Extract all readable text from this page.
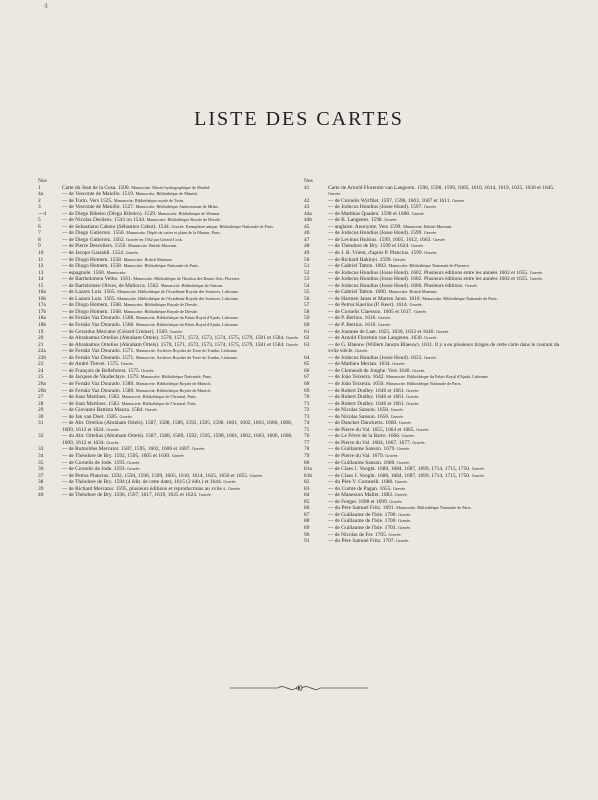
4
LISTE DES CARTES
Nos
1	Carte du Jean de la Cosa. 1500. Manuscrite. Musée hydrographique de Madrid.
4a	— de Vesconte de Maiollo. 1519. Manuscrite. Bibliothèque de Munich.
2	— de Turin. Vers 1525. Manuscrite. Bibliothèque royale de Turin.
3	— de Vesconte de Maiollo. 1527. Manuscrite. Bibliothèque Ambrosienne de Milan.
—4	— de Diego Ribeiro (Diego Ribeiro). 1529. Manuscrite. Bibliothèque de Weimar.
5	— de Nicolas Desliens. 1543 ou 1544. Manuscrite. Bibliothèque Royale de Dresde.
6	— de Sebastiano Caboto (Sébastien Cabot). 1544. Gravée. Exemplaire unique. Bibliothèque Nationale de Paris.
7	— de Diego Gutierrez. 1550. Manuscrite. Dépôt de cartes et plans de la Marine, Paris.
8	— de Diego Gutierrez. 1562. Gravée en 1562 par Gérard Cock.
9	— de Pierre Desceliers. 1550. Manuscrite. British Museum.
10	— de Jacopo Gastaldi. 1554. Gravée.
11	— de Diogo Homem. 1558. Manuscrite. British Museum.
12	— de Diogo Homem. 1558. Manuscrite. Bibliothèque Nationale de Paris.
13	— espagnole. 1560. Manuscrite.
14	— de Bartholomeu Velho. 1561. Manuscrite. Bibliothèque de l'Institut des Beaux-Arts, Florence.
15	— de Bartolomeu Olives, de Mallorca. 1562. Manuscrite. Bibliothèque du Vatican.
16a	— de Lazaro Luis. 1565. Manuscrite. Bibliothèque de l'Académie Royale des Sciences, Lisbonne.
16b	— de Lazaro Luis. 1565. Manuscrite. Bibliothèque de l'Académie Royale des Sciences, Lisbonne.
17a	— de Diogo Homem. 1568. Manuscrite. Bibliothèque Royale de Dresde.
17b	— de Diogo Homem. 1568. Manuscrite. Bibliothèque Royale de Dresde.
18a	— de Fernão Vaz Dourado. 1568. Manuscrite. Bibliothèque du Palais Royal d'Ajuda, Lisbonne.
18b	— de Fernão Vaz Dourado. 1568. Manuscrite. Bibliothèque du Palais Royal d'Ajuda, Lisbonne.
19	— de Gerardus Mercator (Gérard Cremer). 1569. Gravée.
20	— de Abrahamus Ortelius (Abraham Ortels). 1570, 1571, 1572, 1573, 1574, 1575, 1579, 1581 et 1584. Gravée.
21	— de Abrahamus Ortelius (Abraham Ortels). 1570, 1571, 1572, 1573, 1574, 1575, 1579, 1581 et 1584. Gravée.
22a	— de Fernão Vaz Dourado. 1571. Manuscrite. Archives Royales de Torre do Tombo, Lisbonne.
22b	— de Fernão Vaz Dourado. 1571. Manuscrite. Archives Royales de Torre do Tombo, Lisbonne.
23	— de André Thevet. 1575. Gravée.
24	— de François de Belleforest. 1575. Gravée.
25	— de Jacques de Vaudeclaye. 1579. Manuscrite. Bibliothèque Nationale, Paris.
26a	— de Fernão Vaz Dourado. 1580. Manuscrite. Bibliothèque Royale de Munich.
26b	— de Fernão Vaz Dourado. 1580. Manuscrite. Bibliothèque Royale de Munich.
27	— de Joan Martines. 1582. Manuscrite. Bibliothèque de l'Arsenal, Paris.
28	— de Joan Martines. 1582. Manuscrite. Bibliothèque de l'Arsenal, Paris.
29	— de Giovanni Battista Mazza. 1584. Gravée.
30	— de Jan van Doet. 1585. Gravée.
31	— de Abr. Ortelius (Abraham Ortels). 1587, 1588, 1589, 1592, 1595, 1598, 1601, 1602, 1603, 1606, 1608, 1609, 1612 et 1624. Gravée.
32	— du Abr. Ortelius (Abraham Ortels). 1587, 1588, 1589, 1592, 1595, 1598, 1601, 1602, 1603, 1606, 1608, 1609, 1612 et 1624. Gravée.
33	— de Rumoldus Mercator. 1587, 1595, 1602, 1606 et 1607. Gravée.
34	— de Théodore de Bry. 1592, 1595, 1605 et 1630. Gravée.
35	— de Cornelis de Jode. 1593. Gravée.
36	— de Cornelis de Jode. 1593. Gravée.
37	— de Petrus Plancius. 1592, 1594, 1596, 1599, 1605, 1610, 1614, 1625, 1650 et 1655. Gravée.
38	— de Théodore de Bry. 1594 (4 édit. de cette date), 1615 (2 édit.) et 1644. Gravée.
39	— de Richard Mercator. 1595, plusieurs éditions et reproductions au xviie s. Gravée.
40	— de Théodore de Bry. 1596, 1597, 1617, 1619, 1625 et 1624. Gravée.
Nos
41	Carte de Arnold Florentin van Langeren. 1596, 1598, 1599, 1605, 1610, 1614, 1619, 1625, 1630 et 1645. Gravée.
42	— de Cornelis Wytfliet. 1597, 1598, 1603, 1607 et 1611. Gravée.
43	— de Jodocus Hondius (Josse Hond). 1597. Gravée.
44a	— de Matthias Quaden. 1598 et 1608. Gravée.
44b	— de B. Langenes. 1598. Gravée.
45	— anglaise. Anonyme. Vers 1599. Manuscrite. British Museum.
46	— de Jodocus Hondius (Josse Hond). 1599. Gravée.
47	— de Levinus Hulsius. 1599, 1605, 1612, 1663. Gravée.
48	— de Théodore de Bry. 1599 et 1624. Gravée.
49	— de J. B. Vrient, d'après P. Plancius. 1599. Gravée.
50	— de Richard Hakluyt. 1599. Gravée.
51	— de Gabriel Tatton. 1602. Manuscrite. Bibliothèque Nationale de Florence.
52	— de Jodocus Hondius (Josse Hond). 1602. Plusieurs éditions entre les années 1602 et 1655. Gravée.
53	— de Jodocus Hondius (Josse Hond). 1602. Plusieurs éditions entre les années 1602 et 1655. Gravée.
54	— de Jodocus Hondius (Josse Hond). 1606. Plusieurs éditions. Gravée.
55	— de Gabriel Tatton. 1600. Manuscrite. British Museum.
56	— de Harmen Janss et Marten Janss. 1610. Manuscrite. Bibliothèque Nationale de Paris.
57	— de Petrus Kaerius (P. Keer). 1614. Gravée.
58	— de Cornelis Claesson. 1605 et 1617. Gravée.
59	— de P. Bertius. 1616. Gravée.
60	— de P. Bertius. 1616. Gravée.
61	— de Joannes de Laet. 1625, 1630, 1633 et 1640. Gravée.
62	— de Arnold Florentin van Langeren. 1630. Gravée.
63	— de G. Blaeuw (Willem Janszn Blaeuw). 1631. Il y a eu plusieurs tirages de cette carte dans le courant du xviie siècle. Gravée.
64	— de Jodocus Hondius (Josse Hond). 1633. Gravée.
65	— de Mathieu Merian. 1634. Gravée.
66	— de Clemendt de Jonghe. Vers 1640. Gravée.
67	— de João Teixeira. 1642. Manuscrite. Bibliothèque du Palais Royal d'Ajuda, Lisbonne.
68	— de João Teixeira. 1650. Manuscrite. Bibliothèque Nationale de Paris.
69	— de Robert Dudley. 1646 et 1661. Gravée.
70	— de Robert Dudley. 1646 et 1661. Gravée.
71	— de Robert Dudley. 1646 et 1661. Gravée.
72	— de Nicolas Sanson. 1650. Gravée.
73	— de Nicolas Sanson. 1656. Gravée.
74	— de Dancker Danckerts. 1660. Gravée.
75	— de Pierre du Val. 1655, 1664 et 1665. Gravée.
76	— de Le Fèvre de la Barre. 1666. Gravée.
77	— de Pierre du Val. 1664, 1667, 1677. Gravée.
78	— de Guillaume Sanson. 1679. Gravée.
79	— de Pierre du Val. 1679. Gravée.
80	— de Guillaume Sanson. 1680. Gravée.
81a	— de Claes J. Vooght. 1680, 1684, 1687, 1699, 1714, 1715, 1750. Gravée.
81b	— de Claes J. Vooght. 1680, 1684, 1687, 1699, 1714, 1715, 1750. Gravée.
82	— du Père V. Coronelli. 1688. Gravée.
83	— du Comte de Pagan. 1655. Gravée.
84	— de Manesson Mallet. 1683. Gravée.
85	— de Fenger. 1698 et 1699. Gravée.
86	— du Père Samuel Fritz. 1691. Manuscrite. Bibliothèque Nationale de Paris.
87	— de Guillaume de l'Isle. 1700. Gravée.
88	— de Guillaume de l'Isle. 1700. Gravée.
89	— de Guillaume de l'Isle. 1703. Gravée.
90	— de Nicolas de Fer. 1705. Gravée.
91	— du Père Samuel Fritz. 1707. Gravée.
